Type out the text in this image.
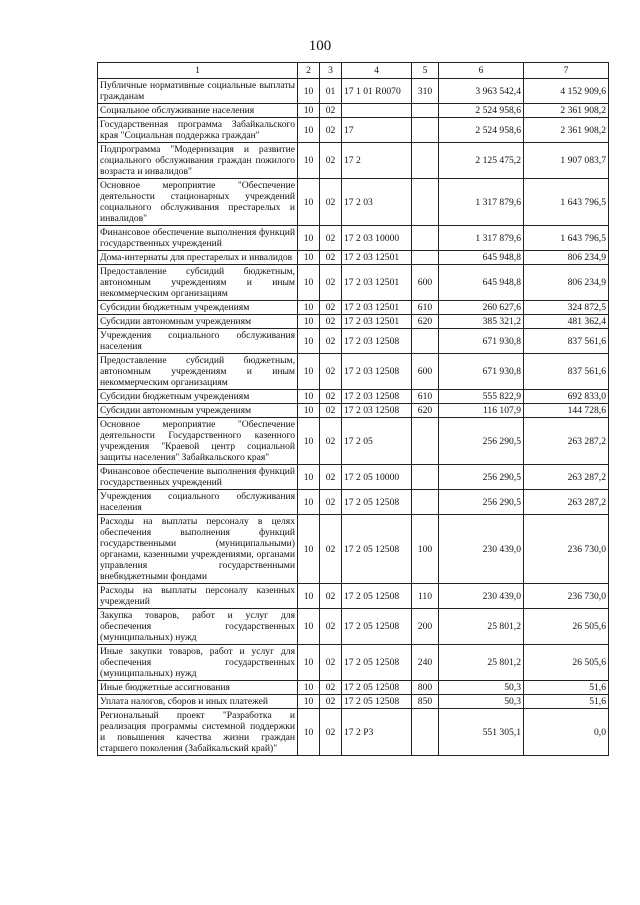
100
1	2	3	4	5	6	7
Публичные нормативные социальные выплаты гражданам	10	01	17 1 01 R0070	310	3 963 542,4	4 152 909,6
Социальное обслуживание населения	10	02			2 524 958,6	2 361 908,2
Государственная программа Забайкальского края "Социальная поддержка граждан"	10	02	17		2 524 958,6	2 361 908,2
Подпрограмма "Модернизация и развитие социального обслуживания граждан пожилого возраста и инвалидов"	10	02	17 2		2 125 475,2	1 907 083,7
Основное мероприятие "Обеспечение деятельности стационарных учреждений социального обслуживания престарелых и инвалидов"	10	02	17 2 03		1 317 879,6	1 643 796,5
Финансовое обеспечение выполнения функций государственных учреждений	10	02	17 2 03 10000		1 317 879,6	1 643 796,5
Дома-интернаты для престарелых и инвалидов	10	02	17 2 03 12501		645 948,8	806 234,9
Предоставление субсидий бюджетным, автономным учреждениям и иным некоммерческим организациям	10	02	17 2 03 12501	600	645 948,8	806 234,9
Субсидии бюджетным учреждениям	10	02	17 2 03 12501	610	260 627,6	324 872,5
Субсидии автономным учреждениям	10	02	17 2 03 12501	620	385 321,2	481 362,4
Учреждения социального обслуживания населения	10	02	17 2 03 12508		671 930,8	837 561,6
Предоставление субсидий бюджетным, автономным учреждениям и иным некоммерческим организациям	10	02	17 2 03 12508	600	671 930,8	837 561,6
Субсидии бюджетным учреждениям	10	02	17 2 03 12508	610	555 822,9	692 833,0
Субсидии автономным учреждениям	10	02	17 2 03 12508	620	116 107,9	144 728,6
Основное мероприятие "Обеспечение деятельности Государственного казенного учреждения "Краевой центр социальной защиты населения" Забайкальского края"	10	02	17 2 05		256 290,5	263 287,2
Финансовое обеспечение выполнения функций государственных учреждений	10	02	17 2 05 10000		256 290,5	263 287,2
Учреждения социального обслуживания населения	10	02	17 2 05 12508		256 290,5	263 287,2
Расходы на выплаты персоналу в целях обеспечения выполнения функций государственными (муниципальными) органами, казенными учреждениями, органами управления государственными внебюджетными фондами	10	02	17 2 05 12508	100	230 439,0	236 730,0
Расходы на выплаты персоналу казенных учреждений	10	02	17 2 05 12508	110	230 439,0	236 730,0
Закупка товаров, работ и услуг для обеспечения государственных (муниципальных) нужд	10	02	17 2 05 12508	200	25 801,2	26 505,6
Иные закупки товаров, работ и услуг для обеспечения государственных (муниципальных) нужд	10	02	17 2 05 12508	240	25 801,2	26 505,6
Иные бюджетные ассигнования	10	02	17 2 05 12508	800	50,3	51,6
Уплата налогов, сборов и иных платежей	10	02	17 2 05 12508	850	50,3	51,6
Региональный проект "Разработка и реализация программы системной поддержки и повышения качества жизни граждан старшего поколения (Забайкальский край)"	10	02	17 2 P3		551 305,1	0,0
